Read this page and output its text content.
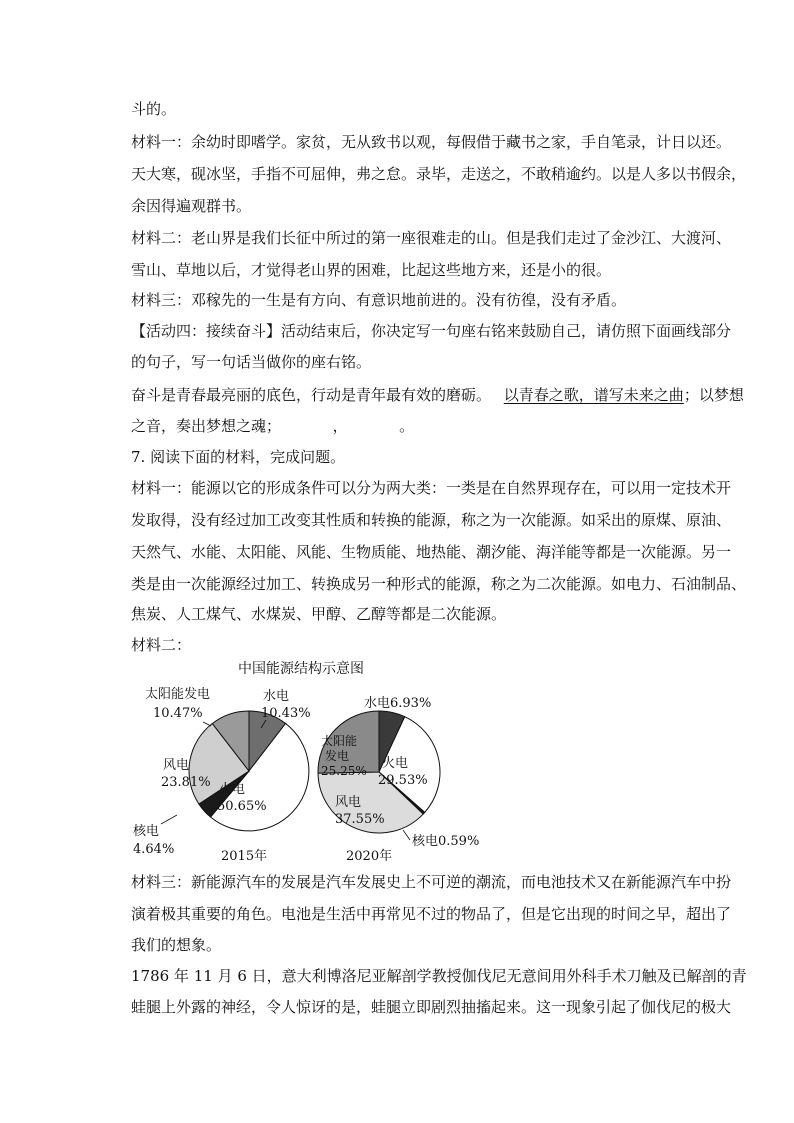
斗的。
材料一：余幼时即嗜学。家贫，无从致书以观，每假借于藏书之家，手自笔录，计日以还。
天大寒，砚冰坚，手指不可屈伸，弗之怠。录毕，走送之，不敢稍逾约。以是人多以书假余，
余因得遍观群书。
材料二：老山界是我们长征中所过的第一座很难走的山。但是我们走过了金沙江、大渡河、
雪山、草地以后，才觉得老山界的困难，比起这些地方来，还是小的很。
材料三：邓稼先的一生是有方向、有意识地前进的。没有彷徨，没有矛盾。
【活动四：接续奋斗】活动结束后，你决定写一句座右铭来鼓励自己，请仿照下面画线部分
的句子，写一句话当做你的座右铭。
奋斗是青春最亮丽的底色，行动是青年最有效的磨砺。 以青春之歌，谱写未来之曲；以梦想
之音，奏出梦想之魂；	，	。
7. 阅读下面的材料，完成问题。
材料一：能源以它的形成条件可以分为两大类：一类是在自然界现存在，可以用一定技术开
发取得，没有经过加工改变其性质和转换的能源，称之为一次能源。如采出的原煤、原油、
天然气、水能、太阳能、风能、生物质能、地热能、潮汐能、海洋能等都是一次能源。另一
类是由一次能源经过加工、转换成另一种形式的能源，称之为二次能源。如电力、石油制品、
焦炭、人工煤气、水煤炭、甲醇、乙醇等都是二次能源。
材料二：
中国能源结构示意图
太阳能发电
10.47%
水电
10.43%
风电
23.81% 火电
50.65%
核电
4.64%	2015年
水电6.93%
太阳能
发电
25.25% 火电
29.53%
风电
37.55%
核电0.59%
2020年
材料三：新能源汽车的发展是汽车发展史上不可逆的潮流，而电池技术又在新能源汽车中扮
演着极其重要的角色。电池是生活中再常见不过的物品了，但是它出现的时间之早，超出了
我们的想象。
1786 年 11 月 6 日，意大利博洛尼亚解剖学教授伽伐尼无意间用外科手术刀触及已解剖的青
蛙腿上外露的神经，令人惊讶的是，蛙腿立即剧烈抽搐起来。这一现象引起了伽伐尼的极大
